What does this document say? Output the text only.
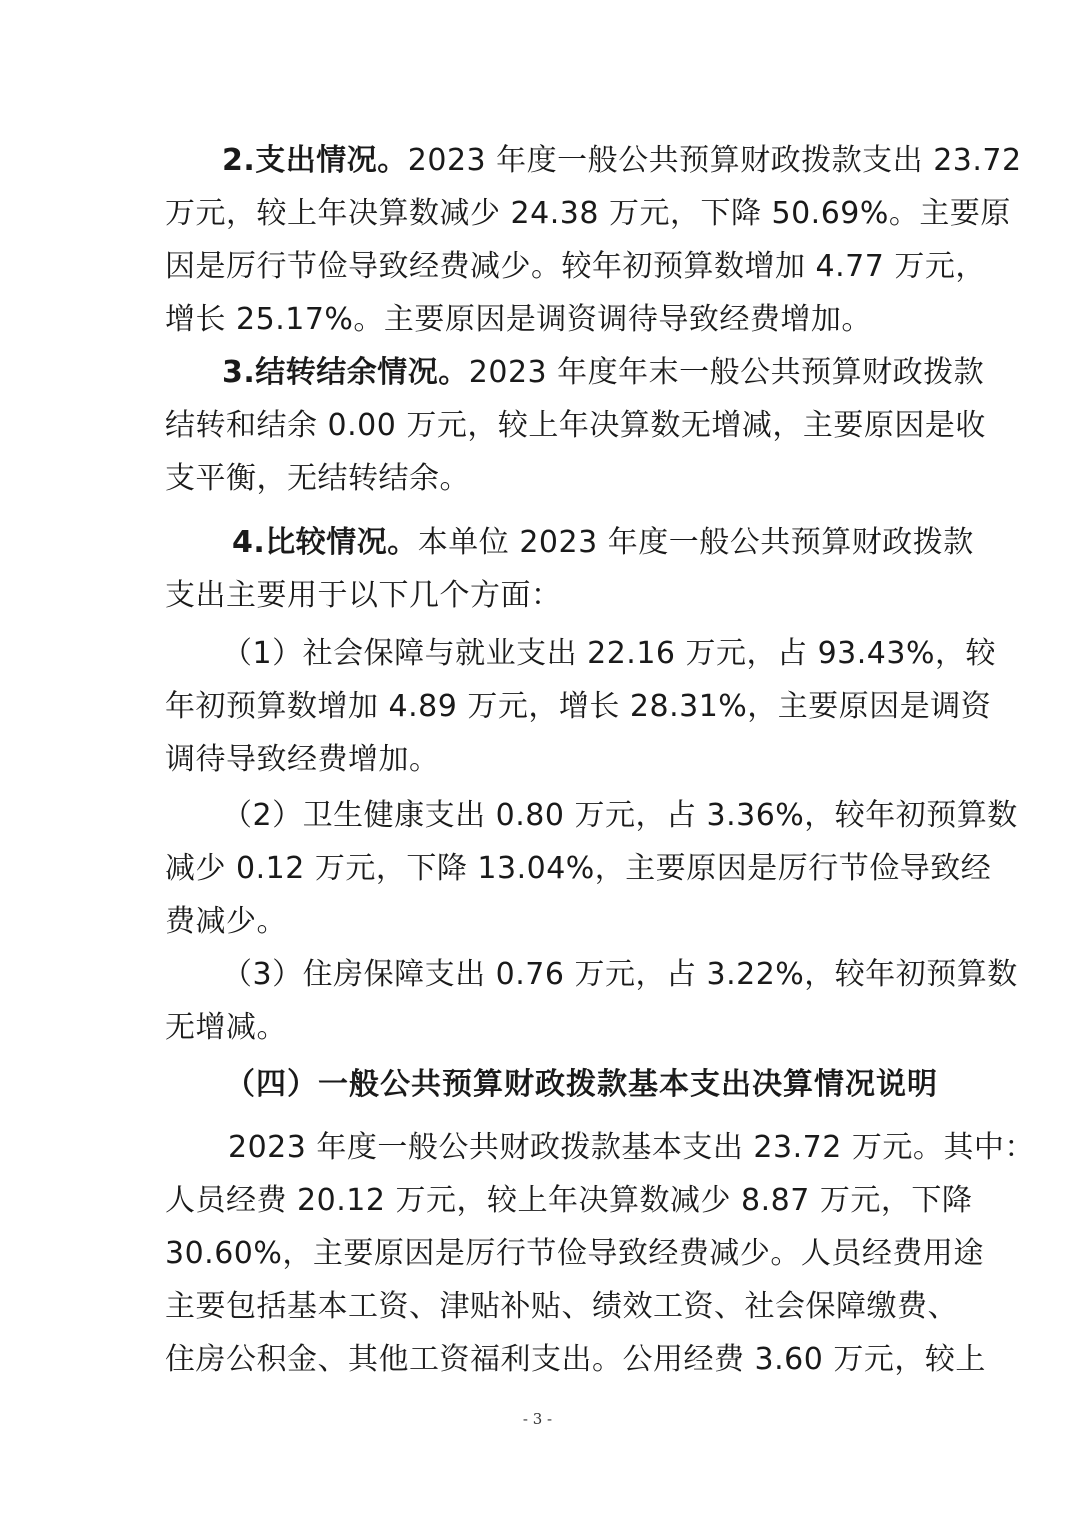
2.支出情况。2023 年度一般公共预算财政拨款支出 23.72
万元，较上年决算数减少 24.38 万元，下降 50.69%。主要原
因是厉行节俭导致经费减少。较年初预算数增加 4.77 万元，
增长 25.17%。主要原因是调资调待导致经费增加。
3.结转结余情况。2023 年度年末一般公共预算财政拨款
结转和结余 0.00 万元，较上年决算数无增减，主要原因是收
支平衡，无结转结余。
4.比较情况。本单位 2023 年度一般公共预算财政拨款
支出主要用于以下几个方面：
（1）社会保障与就业支出 22.16 万元，占 93.43%，较
年初预算数增加 4.89 万元，增长 28.31%，主要原因是调资
调待导致经费增加。
（2）卫生健康支出 0.80 万元，占 3.36%，较年初预算数
减少 0.12 万元，下降 13.04%，主要原因是厉行节俭导致经
费减少。
（3）住房保障支出 0.76 万元，占 3.22%，较年初预算数
无增减。
（四）一般公共预算财政拨款基本支出决算情况说明
2023 年度一般公共财政拨款基本支出 23.72 万元。其中：
人员经费 20.12 万元，较上年决算数减少 8.87 万元，下降
30.60%，主要原因是厉行节俭导致经费减少。人员经费用途
主要包括基本工资、津贴补贴、绩效工资、社会保障缴费、
住房公积金、其他工资福利支出。公用经费 3.60 万元，较上
- 3 -
